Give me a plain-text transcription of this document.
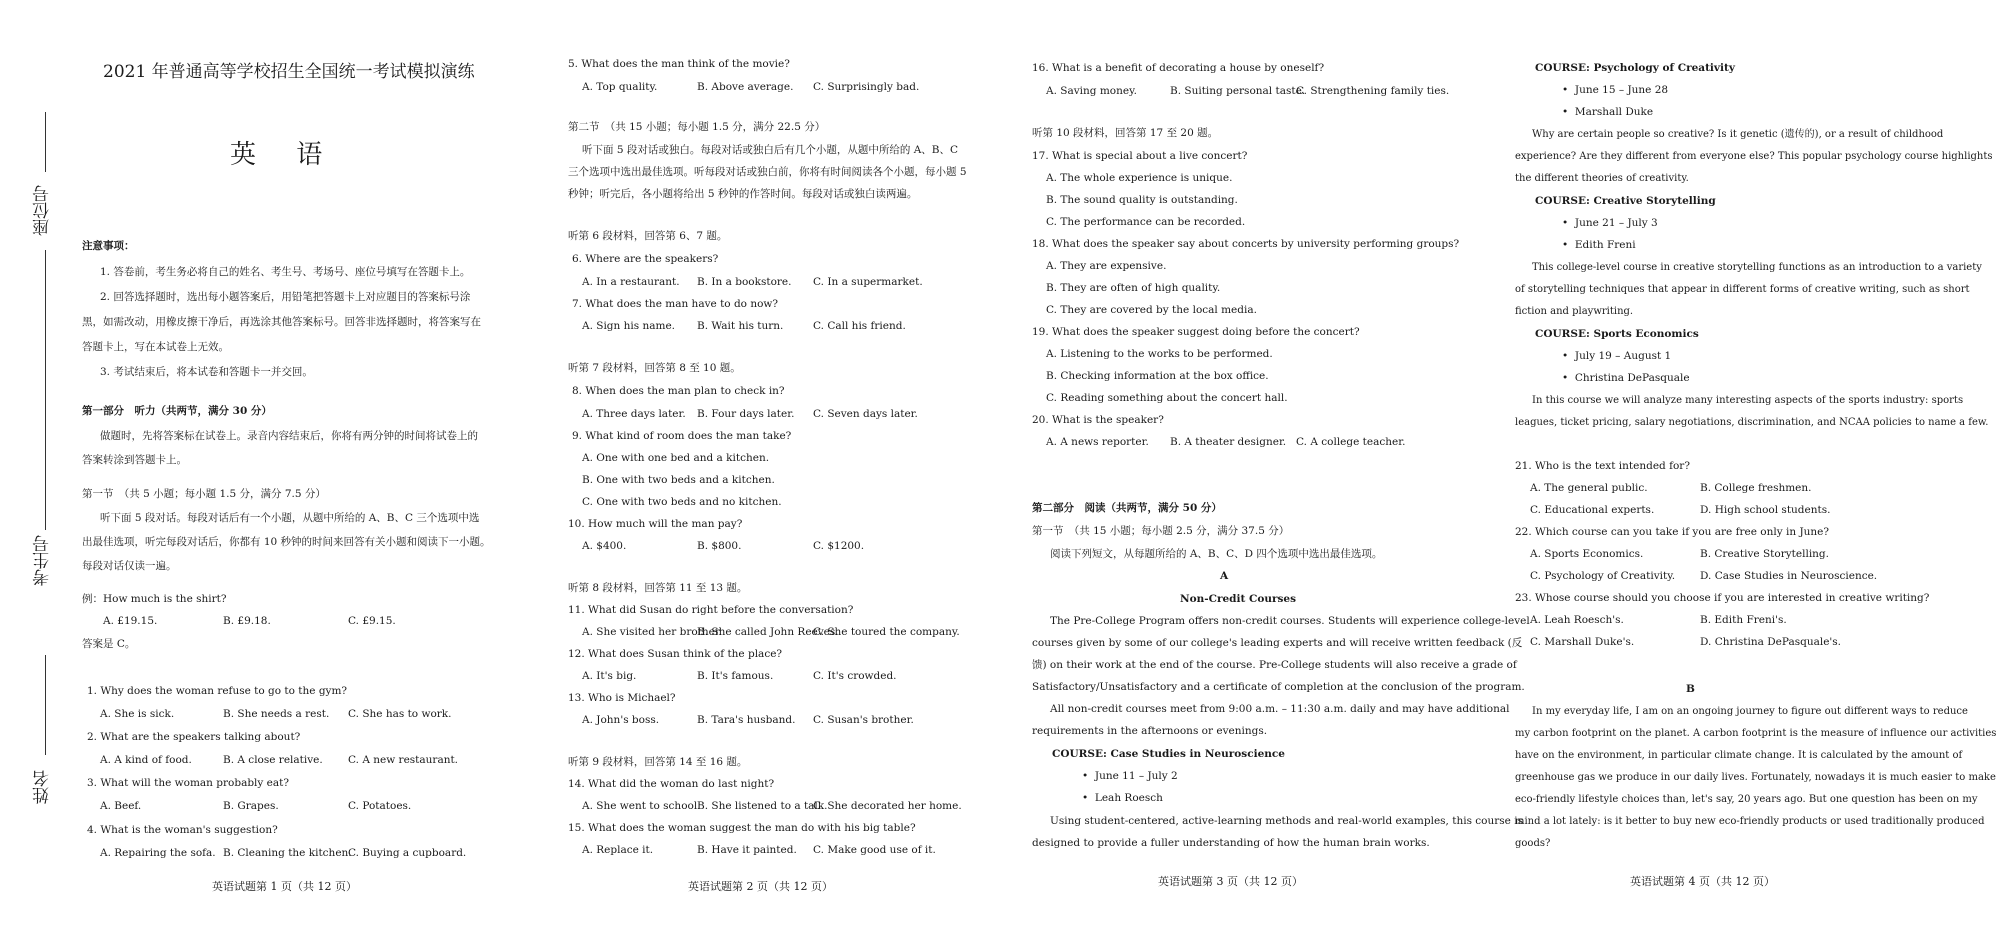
座位号
考生号
姓名
2021 年普通高等学校招生全国统一考试模拟演练
英 语
注意事项：
1. 答卷前，考生务必将自己的姓名、考生号、考场号、座位号填写在答题卡上。
2. 回答选择题时，选出每小题答案后，用铅笔把答题卡上对应题目的答案标号涂
黑，如需改动，用橡皮擦干净后，再选涂其他答案标号。回答非选择题时，将答案写在
答题卡上，写在本试卷上无效。
3. 考试结束后，将本试卷和答题卡一并交回。
第一部分　听力（共两节，满分 30 分）
做题时，先将答案标在试卷上。录音内容结束后，你将有两分钟的时间将试卷上的
答案转涂到答题卡上。
第一节　（共 5 小题；每小题 1.5 分，满分 7.5 分）
听下面 5 段对话。每段对话后有一个小题，从题中所给的 A、B、C 三个选项中选
出最佳选项，听完每段对话后，你都有 10 秒钟的时间来回答有关小题和阅读下一小题。
每段对话仅读一遍。
例：How much is the shirt?
A. £19.15.	B. £9.18.	C. £9.15.
答案是 C。
1. Why does the woman refuse to go to the gym?
A. She is sick.	B. She needs a rest. C. She has to work.
2. What are the speakers talking about?
A. A kind of food.	B. A close relative. C. A new restaurant.
3. What will the woman probably eat?
A. Beef.	B. Grapes.	C. Potatoes.
4. What is the woman's suggestion?
A. Repairing the sofa. B. Cleaning the kitchen.
C. Buying a cupboard.
英语试题第 1 页（共 12 页）
5. What does the man think of the movie?
A. Top quality.	B. Above average. C. Surprisingly bad.
第二节　（共 15 小题；每小题 1.5 分，满分 22.5 分）
听下面 5 段对话或独白。每段对话或独白后有几个小题，从题中所给的 A、B、C
三个选项中选出最佳选项。听每段对话或独白前，你将有时间阅读各个小题，每小题 5
秒钟；听完后，各小题将给出 5 秒钟的作答时间。每段对话或独白读两遍。
听第 6 段材料，回答第 6、7 题。
6. Where are the speakers?
A. In a restaurant. B. In a bookstore. C. In a supermarket.
7. What does the man have to do now?
A. Sign his name. B. Wait his turn.	C. Call his friend.
听第 7 段材料，回答第 8 至 10 题。
8. When does the man plan to check in?
A. Three days later. B. Four days later. C. Seven days later.
9. What kind of room does the man take?
A. One with one bed and a kitchen.
B. One with two beds and a kitchen.
C. One with two beds and no kitchen.
10. How much will the man pay?
A. $400.	B. $800.	C. $1200.
听第 8 段材料，回答第 11 至 13 题。
11. What did Susan do right before the conversation?
A. She visited her brother.
B. She called John Reeves.
C. She toured the company.
12. What does Susan think of the place?
A. It's big.	B. It's famous.	C. It's crowded.
13. Who is Michael?
A. John's boss.	B. Tara's husband. C. Susan's brother.
听第 9 段材料，回答第 14 至 16 题。
14. What did the woman do last night?
A. She went to school.
B. She listened to a talk.
C. She decorated her home.
15. What does the woman suggest the man do with his big table?
A. Replace it.	B. Have it painted. C. Make good use of it.
英语试题第 2 页（共 12 页）
16. What is a benefit of decorating a house by oneself?
A. Saving money.	B. Suiting personal taste.
C. Strengthening family ties.
听第 10 段材料，回答第 17 至 20 题。
17. What is special about a live concert?
A. The whole experience is unique.
B. The sound quality is outstanding.
C. The performance can be recorded.
18. What does the speaker say about concerts by university performing groups?
A. They are expensive.
B. They are often of high quality.
C. They are covered by the local media.
19. What does the speaker suggest doing before the concert?
A. Listening to the works to be performed.
B. Checking information at the box office.
C. Reading something about the concert hall.
20. What is the speaker?
A. A news reporter. B. A theater designer. C. A college teacher.
第二部分　阅读（共两节，满分 50 分）
第一节　（共 15 小题；每小题 2.5 分，满分 37.5 分）
阅读下列短文，从每题所给的 A、B、C、D 四个选项中选出最佳选项。
A
Non-Credit Courses
The Pre-College Program offers non-credit courses. Students will experience college-level
courses given by some of our college's leading experts and will receive written feedback (反
馈) on their work at the end of the course. Pre-College students will also receive a grade of
Satisfactory/Unsatisfactory and a certificate of completion at the conclusion of the program.
All non-credit courses meet from 9:00 a.m. – 11:30 a.m. daily and may have additional
requirements in the afternoons or evenings.
COURSE: Case Studies in Neuroscience
•  June 11 – July 2
•  Leah Roesch
Using student-centered, active-learning methods and real-world examples, this course is
designed to provide a fuller understanding of how the human brain works.
英语试题第 3 页（共 12 页）
COURSE: Psychology of Creativity
•  June 15 – June 28
•  Marshall Duke
Why are certain people so creative? Is it genetic (遗传的), or a result of childhood
experience? Are they different from everyone else? This popular psychology course highlights
the different theories of creativity.
COURSE: Creative Storytelling
•  June 21 – July 3
•  Edith Freni
This college-level course in creative storytelling functions as an introduction to a variety
of storytelling techniques that appear in different forms of creative writing, such as short
fiction and playwriting.
COURSE: Sports Economics
•  July 19 – August 1
•  Christina DePasquale
In this course we will analyze many interesting aspects of the sports industry: sports
leagues, ticket pricing, salary negotiations, discrimination, and NCAA policies to name a few.
21. Who is the text intended for?
A. The general public.	B. College freshmen.
C. Educational experts.	D. High school students.
22. Which course can you take if you are free only in June?
A. Sports Economics.	B. Creative Storytelling.
C. Psychology of Creativity. D. Case Studies in Neuroscience.
23. Whose course should you choose if you are interested in creative writing?
A. Leah Roesch's.	B. Edith Freni's.
C. Marshall Duke's.	D. Christina DePasquale's.
B
In my everyday life, I am on an ongoing journey to figure out different ways to reduce
my carbon footprint on the planet. A carbon footprint is the measure of influence our activities
have on the environment, in particular climate change. It is calculated by the amount of
greenhouse gas we produce in our daily lives. Fortunately, nowadays it is much easier to make
eco-friendly lifestyle choices than, let's say, 20 years ago. But one question has been on my
mind a lot lately: is it better to buy new eco-friendly products or used traditionally produced
goods?
英语试题第 4 页（共 12 页）
